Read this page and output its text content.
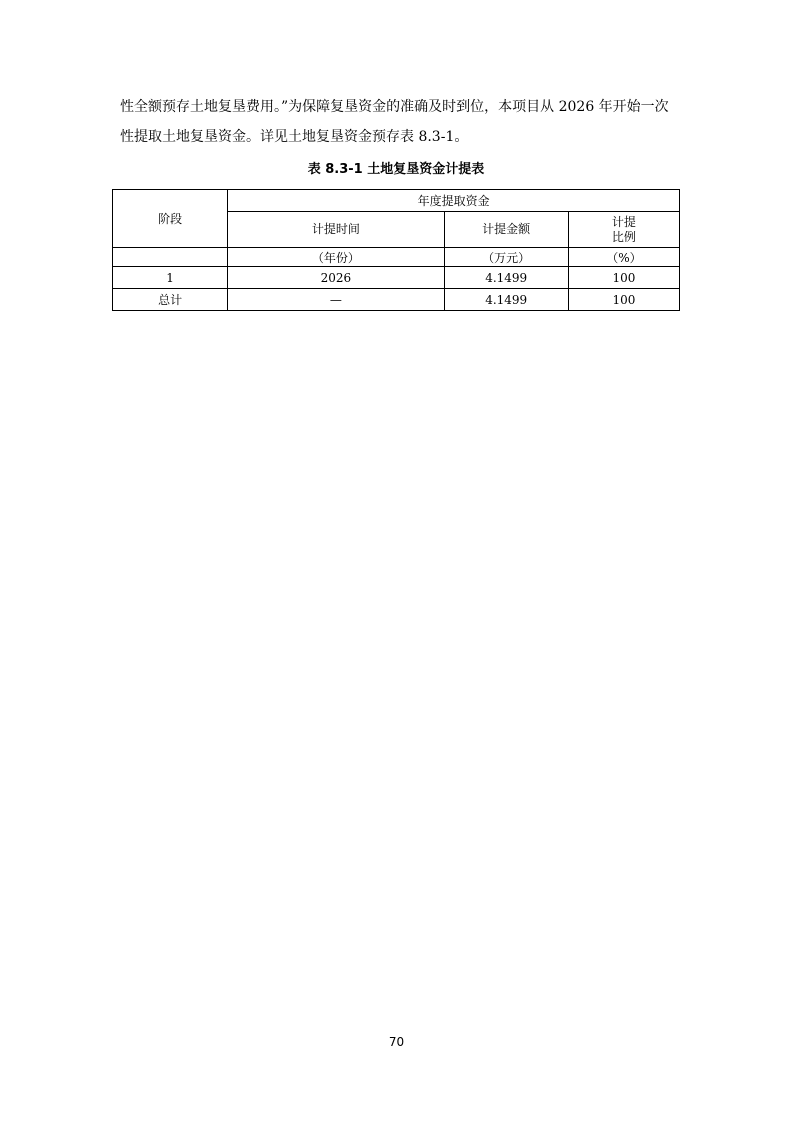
性全额预存土地复垦费用。”为保障复垦资金的准确及时到位，本项目从 2026 年开始一次

性提取土地复垦资金。详见土地复垦资金预存表 8.3-1。

表 8.3-1 土地复垦资金计提表
阶段	年度提取资金		
	计提时间	计提金额	计提
比例
	（年份）	（万元）	（%）
1	2026	4.1499	100
总计	—	4.1499	100
70
